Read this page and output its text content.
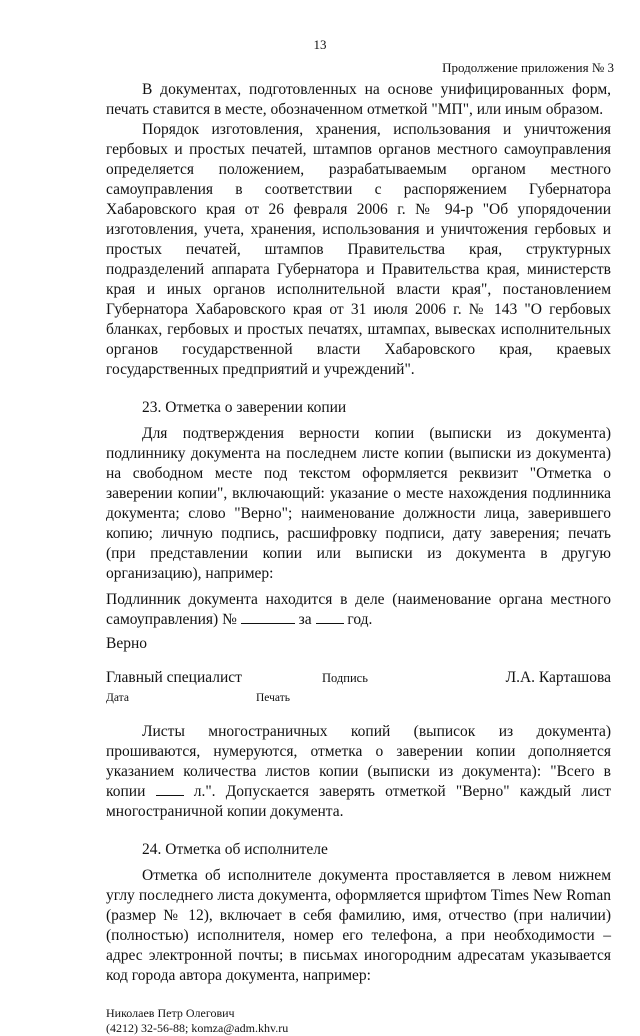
13
Продолжение приложения № 3

В документах, подготовленных на основе унифицированных форм, печать ставится в месте, обозначенном отметкой "МП", или иным образом.

Порядок изготовления, хранения, использования и уничтожения гербовых и простых печатей, штампов органов местного самоуправления определяется положением, разрабатываемым органом местного самоуправления в соответствии с распоряжением Губернатора Хабаровского края от 26 февраля 2006 г. № 94-р "Об упорядочении изготовления, учета, хранения, использования и уничтожения гербовых и простых печатей, штампов Правительства края, структурных подразделений аппарата Губернатора и Правительства края, министерств края и иных органов исполнительной власти края", постановлением Губернатора Хабаровского края от 31 июля 2006 г. № 143 "О гербовых бланках, гербовых и простых печатях, штампах, вывесках исполнительных органов государственной власти Хабаровского края, краевых государственных предприятий и учреждений".

23. Отметка о заверении копии

Для подтверждения верности копии (выписки из документа) подлиннику документа на последнем листе копии (выписки из документа) на свободном месте под текстом оформляется реквизит "Отметка о заверении копии", включающий: указание о месте нахождения подлинника документа; слово "Верно"; наименование должности лица, заверившего копию; личную подпись, расшифровку подписи, дату заверения; печать (при представлении копии или выписки из документа в другую организацию), например:

Подлинник документа находится в деле (наименование органа местного самоуправления) №	за год.

Верно

Главный специалист	Подпись	Л.А. Карташова
Дата	Печать

Листы многостраничных копий (выписок из документа) прошиваются, нумеруются, отметка о заверении копии дополняется указанием количества листов копии (выписки из документа): "Всего в копии	л.". Допускается заверять отметкой "Верно" каждый лист многостраничной копии документа.

24. Отметка об исполнителе

Отметка об исполнителе документа проставляется в левом нижнем углу последнего листа документа, оформляется шрифтом Times New Roman (размер № 12), включает в себя фамилию, имя, отчество (при наличии) (полностью) исполнителя, номер его телефона, а при необходимости – адрес электронной почты; в письмах иногородним адресатам указывается код города автора документа, например:

Николаев Петр Олегович
(4212) 32-56-88; komza@adm.khv.ru
